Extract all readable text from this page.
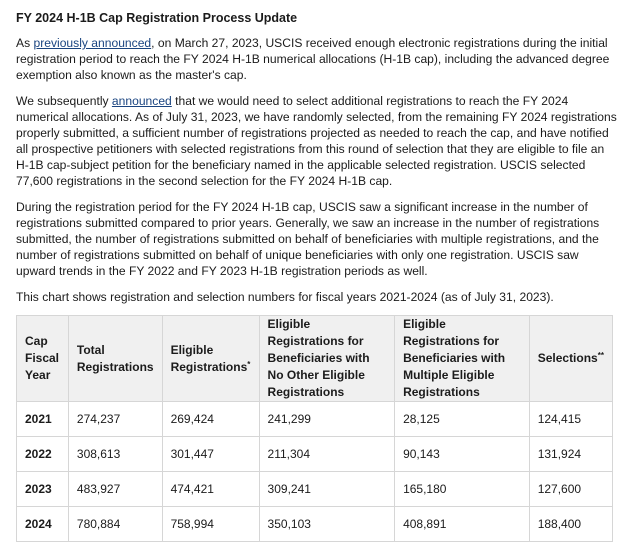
FY 2024 H-1B Cap Registration Process Update

As previously announced, on March 27, 2023, USCIS received enough electronic registrations during the initial registration period to reach the FY 2024 H-1B numerical allocations (H-1B cap), including the advanced degree exemption also known as the master's cap.

We subsequently announced that we would need to select additional registrations to reach the FY 2024 numerical allocations. As of July 31, 2023, we have randomly selected, from the remaining FY 2024 registrations properly submitted, a sufficient number of registrations projected as needed to reach the cap, and have notified all prospective petitioners with selected registrations from this round of selection that they are eligible to file an H-1B cap-subject petition for the beneficiary named in the applicable selected registration. USCIS selected 77,600 registrations in the second selection for the FY 2024 H-1B cap.

During the registration period for the FY 2024 H-1B cap, USCIS saw a significant increase in the number of registrations submitted compared to prior years. Generally, we saw an increase in the number of registrations submitted, the number of registrations submitted on behalf of beneficiaries with multiple registrations, and the number of registrations submitted on behalf of unique beneficiaries with only one registration. USCIS saw upward trends in the FY 2022 and FY 2023 H-1B registration periods as well.

This chart shows registration and selection numbers for fiscal years 2021-2024 (as of July 31, 2023).

Cap Fiscal Year	Total Registrations	Eligible Registrations*	Eligible Registrations for Beneficiaries with No Other Eligible Registrations	Eligible Registrations for Beneficiaries with Multiple Eligible Registrations	Selections**
2021	274,237	269,424	241,299	28,125	124,415
2022	308,613	301,447	211,304	90,143	131,924
2023	483,927	474,421	309,241	165,180	127,600
2024	780,884	758,994	350,103	408,891	188,400
